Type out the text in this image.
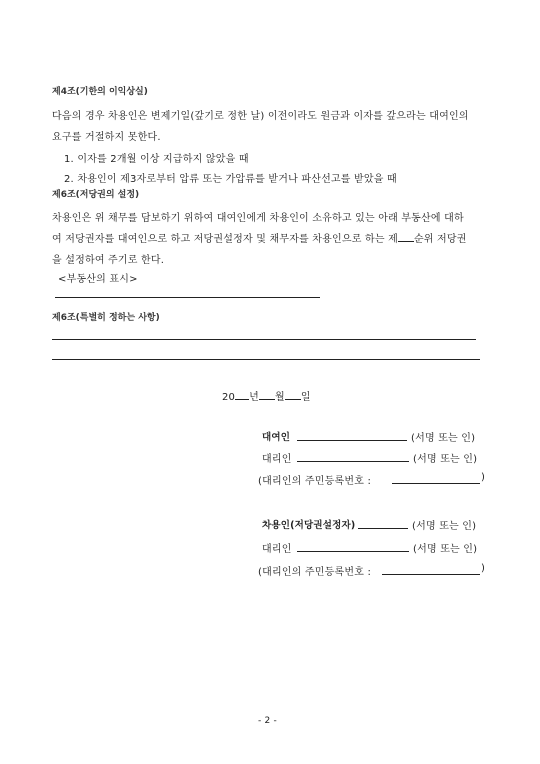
제4조(기한의 이익상실)
다음의 경우 차용인은 변제기일(갚기로 정한 날) 이전이라도 원금과 이자를 갚으라는 대여인의
요구를 거절하지 못한다.
1. 이자를 2개월 이상 지급하지 않았을 때
2. 차용인이 제3자로부터 압류 또는 가압류를 받거나 파산선고를 받았을 때
제6조(저당권의 설정)
차용인은 위 채무를 담보하기 위하여 대여인에게 차용인이 소유하고 있는 아래 부동산에 대하
여 저당권자를 대여인으로 하고 저당권설정자 및 채무자를 차용인으로 하는 제 순위 저당권
을 설정하여 주기로 한다.
<부동산의 표시>
제6조(특별히 정하는 사항)
20 년 월 일
대여인	(서명 또는 인)
대리인	(서명 또는 인)
(대리인의 주민등록번호 :	)
차용인(저당권설정자)	(서명 또는 인)
대리인	(서명 또는 인)
(대리인의 주민등록번호 :	)
- 2 -
